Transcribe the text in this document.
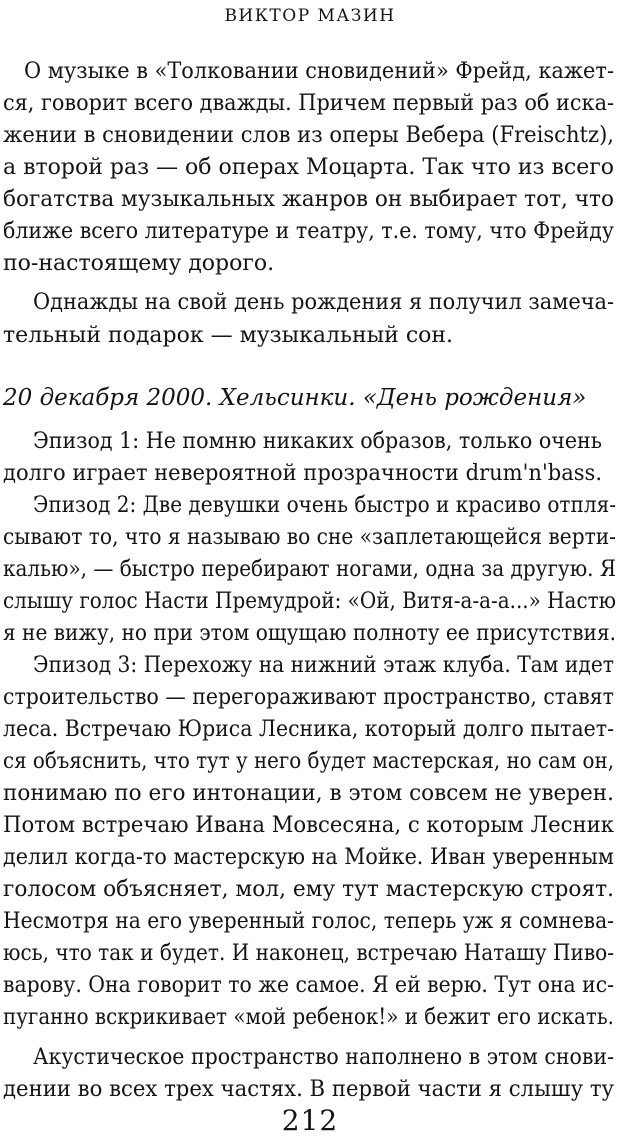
ВИКТОР МАЗИН
О музыке в «Толковании сновидений» Фрейд, кажет-
ся, говорит всего дважды. Причем первый раз об иска-
жении в сновидении слов из оперы Вебера (Freischtz),
а второй раз — об операх Моцарта. Так что из всего
богатства музыкальных жанров он выбирает тот, что
ближе всего литературе и театру, т.е. тому, что Фрейду
по-настоящему дорого.
Однажды на свой день рождения я получил замеча-
тельный подарок — музыкальный сон.
20 декабря 2000. Хельсинки. «День рождения»
Эпизод 1: Не помню никаких образов, только очень
долго играет невероятной прозрачности drum'n'bass.
Эпизод 2: Две девушки очень быстро и красиво отпля-
сывают то, что я называю во сне «заплетающейся верти-
калью», — быстро перебирают ногами, одна за другую. Я
слышу голос Насти Премудрой: «Ой, Витя-а-а-а...» Настю
я не вижу, но при этом ощущаю полноту ее присутствия.
Эпизод 3: Перехожу на нижний этаж клуба. Там идет
строительство — перегораживают пространство, ставят
леса. Встречаю Юриса Лесника, который долго пытает-
ся объяснить, что тут у него будет мастерская, но сам он,
понимаю по его интонации, в этом совсем не уверен.
Потом встречаю Ивана Мовсесяна, с которым Лесник
делил когда-то мастерскую на Мойке. Иван уверенным
голосом объясняет, мол, ему тут мастерскую строят.
Несмотря на его уверенный голос, теперь уж я сомнева-
юсь, что так и будет. И наконец, встречаю Наташу Пиво-
варову. Она говорит то же самое. Я ей верю. Тут она ис-
пуганно вскрикивает «мой ребенок!» и бежит его искать.
Акустическое пространство наполнено в этом снови-
дении во всех трех частях. В первой части я слышу ту
212
